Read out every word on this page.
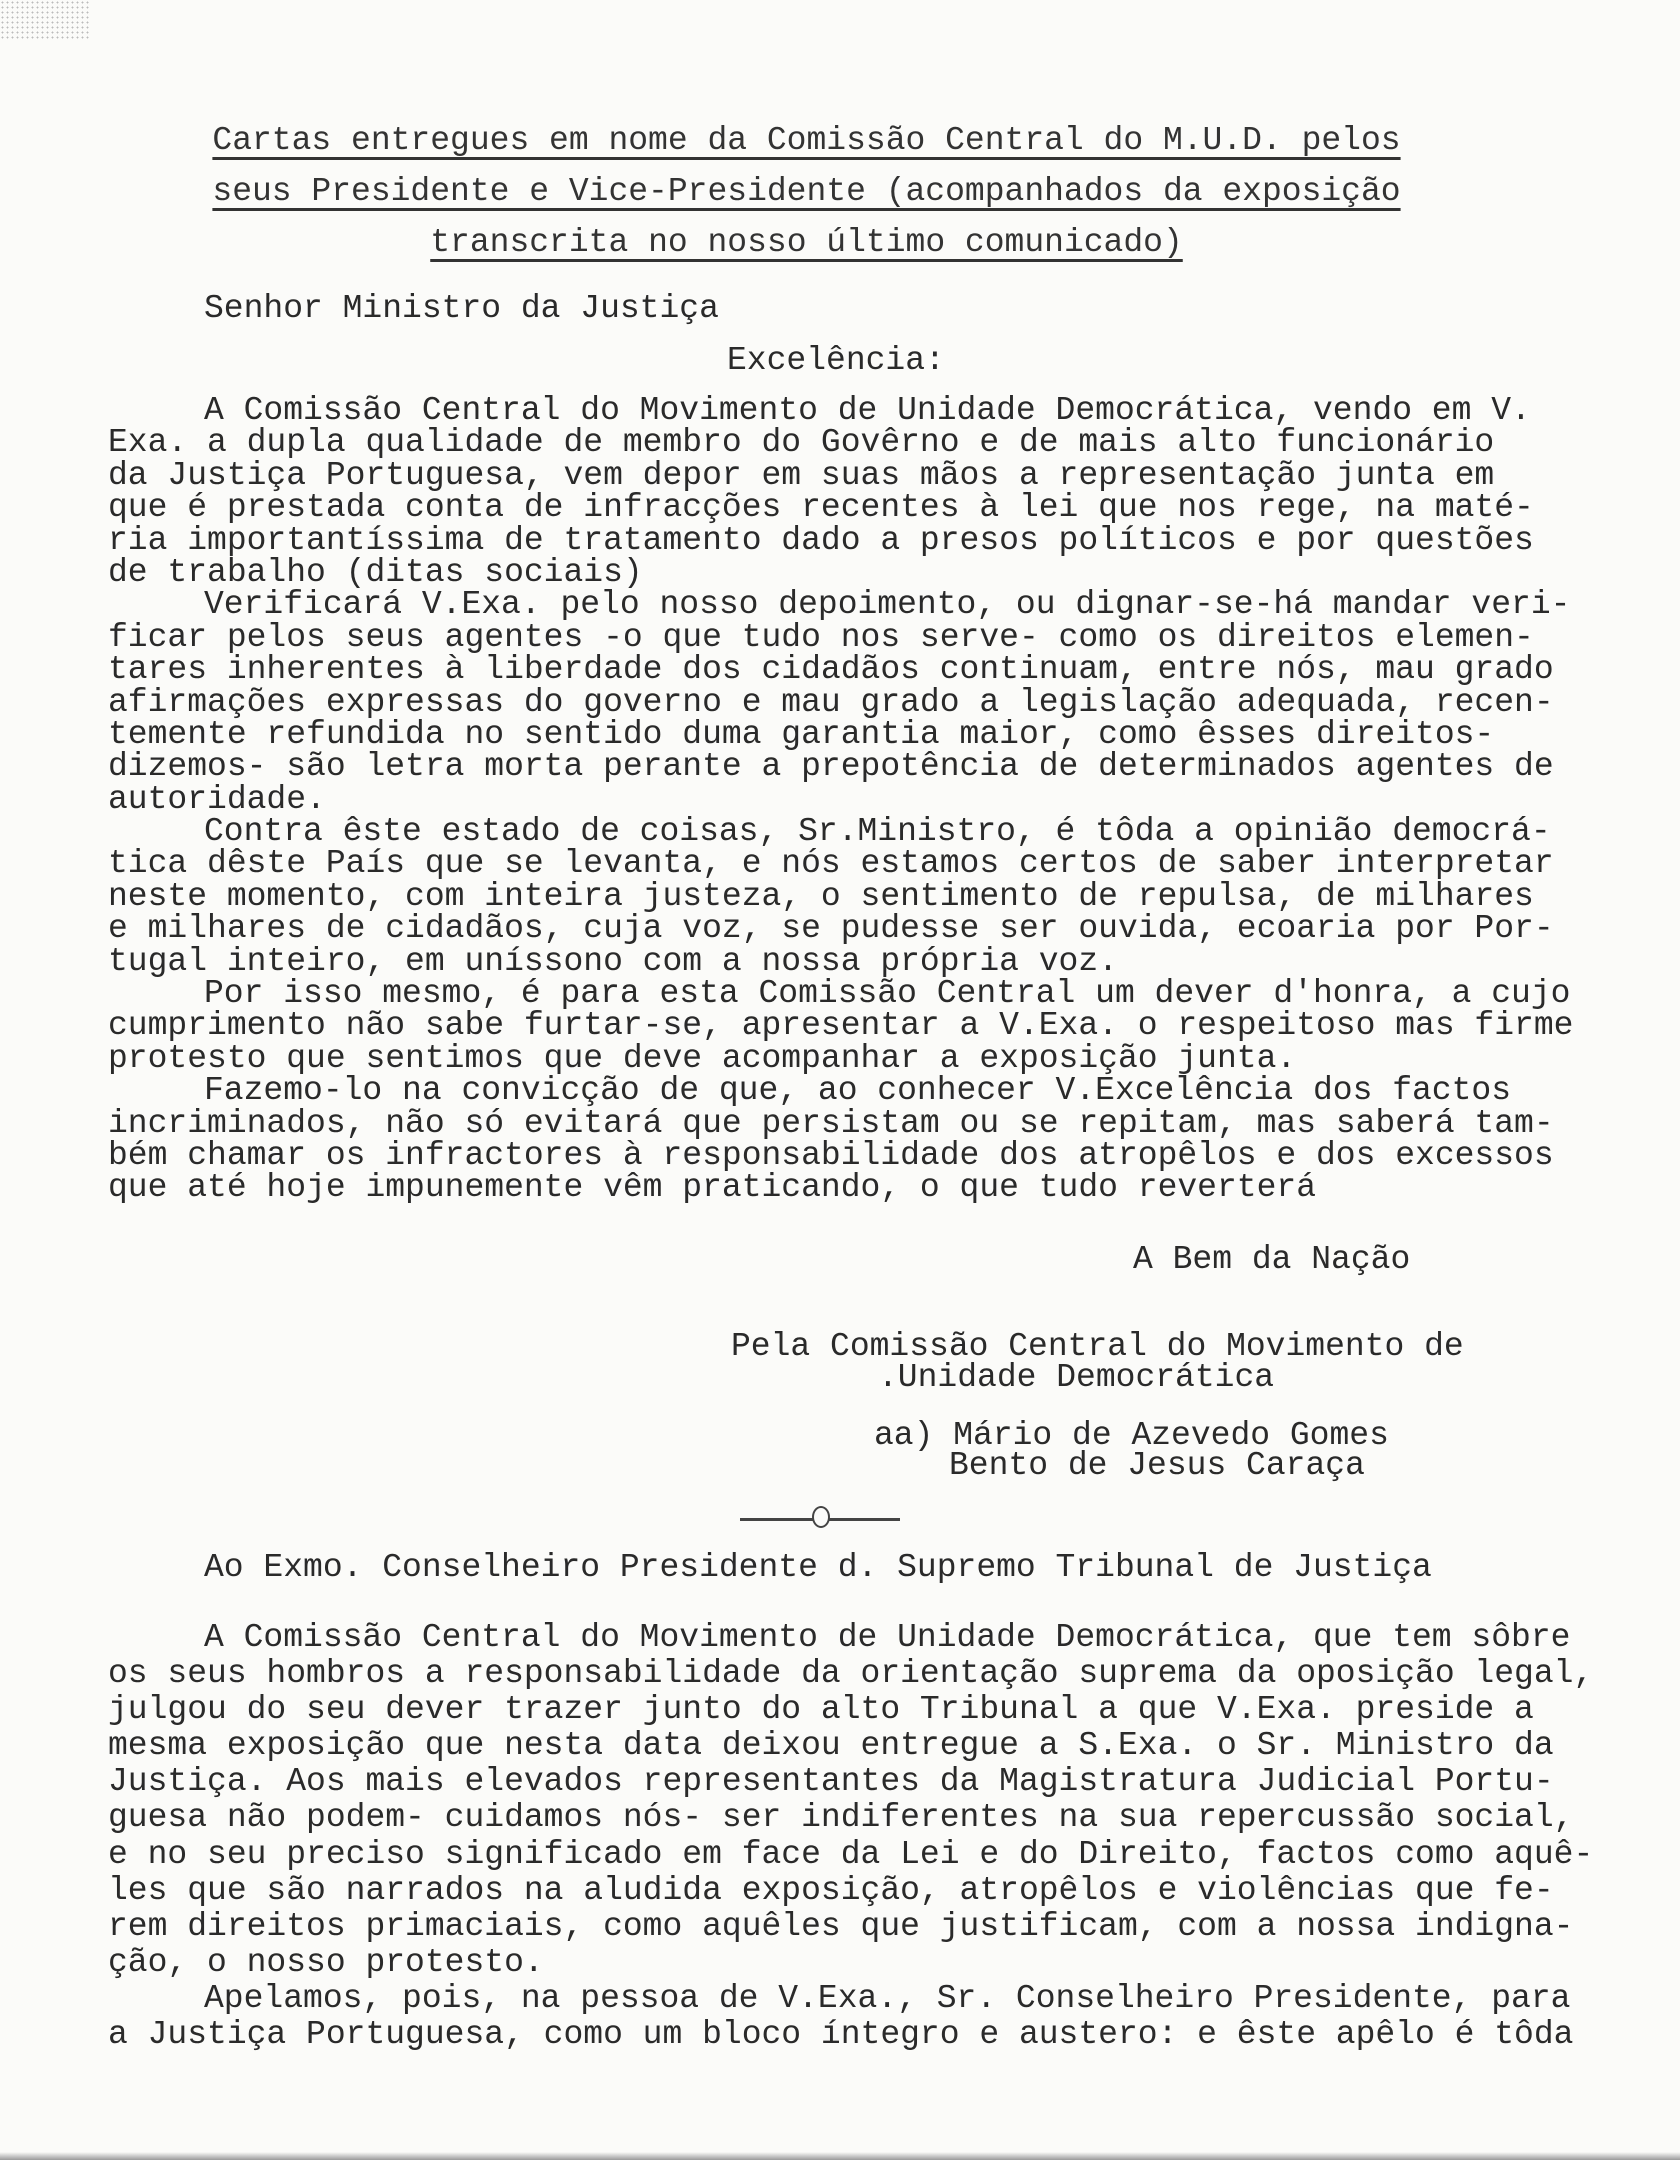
Cartas entregues em nome da Comissão Central do M.U.D. pelos
seus Presidente e Vice-Presidente (acompanhados da exposição
transcrita no nosso último comunicado)
Senhor Ministro da Justiça
Excelência:
A Comissão Central do Movimento de Unidade Democrática, vendo em V.
Exa. a dupla qualidade de membro do Govêrno e de mais alto funcionário
da Justiça Portuguesa, vem depor em suas mãos a representação junta em
que é prestada conta de infracções recentes à lei que nos rege, na maté-
ria importantíssima de tratamento dado a presos políticos e por questões
de trabalho (ditas sociais)
Verificará V.Exa. pelo nosso depoimento, ou dignar-se-há mandar veri-
ficar pelos seus agentes -o que tudo nos serve- como os direitos elemen-
tares inherentes à liberdade dos cidadãos continuam, entre nós, mau grado
afirmações expressas do governo e mau grado a legislação adequada, recen-
temente refundida no sentido duma garantia maior, como êsses direitos-
dizemos- são letra morta perante a prepotência de determinados agentes de
autoridade.
Contra êste estado de coisas, Sr.Ministro, é tôda a opinião democrá-
tica dêste País que se levanta, e nós estamos certos de saber interpretar
neste momento, com inteira justeza, o sentimento de repulsa, de milhares
e milhares de cidadãos, cuja voz, se pudesse ser ouvida, ecoaria por Por-
tugal inteiro, em uníssono com a nossa própria voz.
Por isso mesmo, é para esta Comissão Central um dever d'honra, a cujo
cumprimento não sabe furtar-se, apresentar a V.Exa. o respeitoso mas firme
protesto que sentimos que deve acompanhar a exposição junta.
Fazemo-lo na convicção de que, ao conhecer V.Excelência dos factos
incriminados, não só evitará que persistam ou se repitam, mas saberá tam-
bém chamar os infractores à responsabilidade dos atropêlos e dos excessos
que até hoje impunemente vêm praticando, o que tudo reverterá
A Bem da Nação
Pela Comissão Central do Movimento de
.Unidade Democrática
aa) Mário de Azevedo Gomes
Bento de Jesus Caraça
Ao Exmo. Conselheiro Presidente d. Supremo Tribunal de Justiça
A Comissão Central do Movimento de Unidade Democrática, que tem sôbre
os seus hombros a responsabilidade da orientação suprema da oposição legal,
julgou do seu dever trazer junto do alto Tribunal a que V.Exa. preside a
mesma exposição que nesta data deixou entregue a S.Exa. o Sr. Ministro da
Justiça. Aos mais elevados representantes da Magistratura Judicial Portu-
guesa não podem- cuidamos nós- ser indiferentes na sua repercussão social,
e no seu preciso significado em face da Lei e do Direito, factos como aquê-
les que são narrados na aludida exposição, atropêlos e violências que fe-
rem direitos primaciais, como aquêles que justificam, com a nossa indigna-
ção, o nosso protesto.
Apelamos, pois, na pessoa de V.Exa., Sr. Conselheiro Presidente, para
a Justiça Portuguesa, como um bloco íntegro e austero: e êste apêlo é tôda
